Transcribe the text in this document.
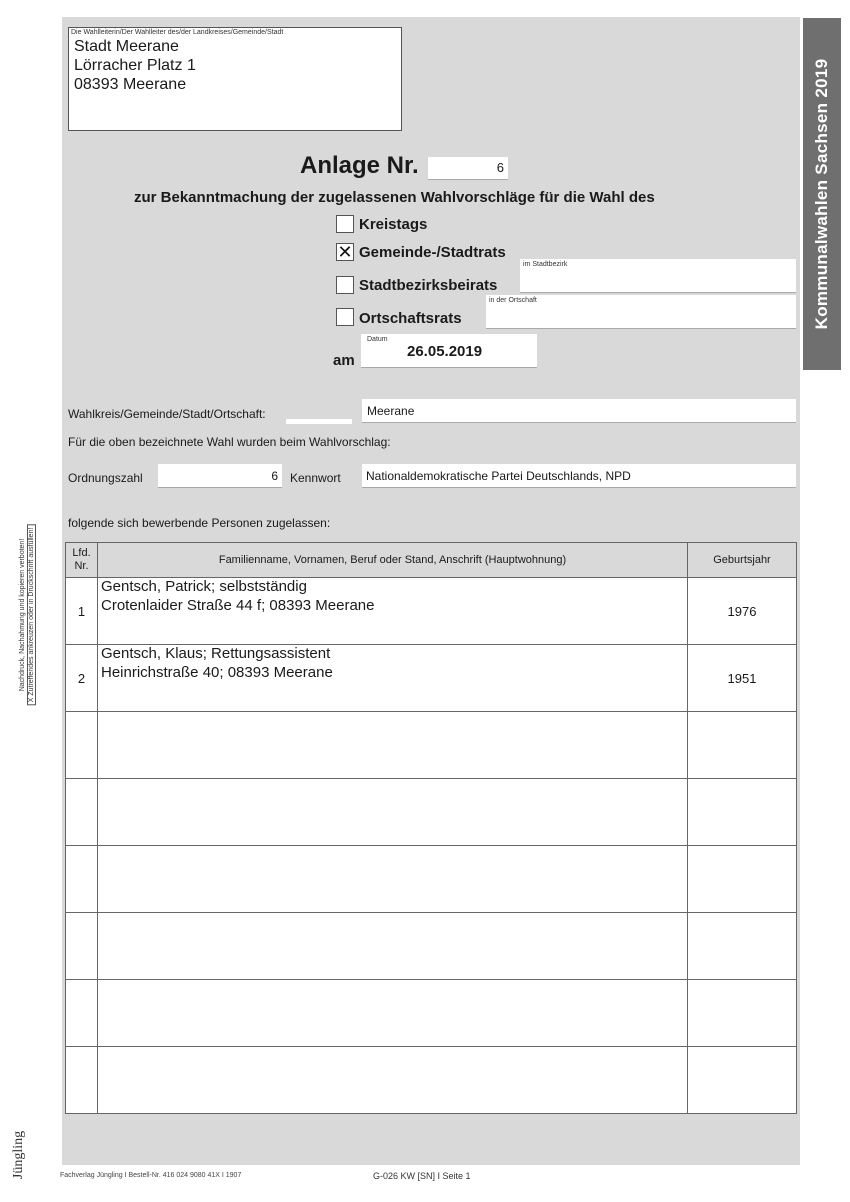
Die Wahlleiterin/Der Wahlleiter des/der Landkreises/Gemeinde/Stadt
Stadt Meerane
Lörracher Platz 1
08393 Meerane	Kommunalwahlen Sachsen 2019
Anlage Nr.	6
zur Bekanntmachung der zugelassenen Wahlvorschläge für die Wahl des
Kreistags
✕ Gemeinde-/Stadtrats
Stadtbezirksbeirats
im Stadtbezirk
Ortschaftsrats
in der Ortschaft
am
Datum
26.05.2019
Wahlkreis/Gemeinde/Stadt/Ortschaft:	Meerane
Für die oben bezeichnete Wahl wurden beim Wahlvorschlag:
Ordnungszahl	6 Kennwort Nationaldemokratische Partei Deutschlands, NPD
folgende sich bewerbende Personen zugelassen:
Lfd.
Nr.	Familienname, Vornamen, Beruf oder Stand, Anschrift (Hauptwohnung)	Geburtsjahr
1	Gentsch, Patrick; selbstständig
Crotenlaider Straße 44 f; 08393 Meerane	1976
2	Gentsch, Klaus; Rettungsassistent
Heinrichstraße 40; 08393 Meerane	1951

Nachdruck, Nachahmung und kopieren verboten! X Zutreffendes ankreuzen oder in Druckschrift ausfüllen!
Jüngling	Fachverlag Jüngling I Bestell-Nr. 416 024 9080 41X I 1907	G-026 KW [SN] I Seite 1
